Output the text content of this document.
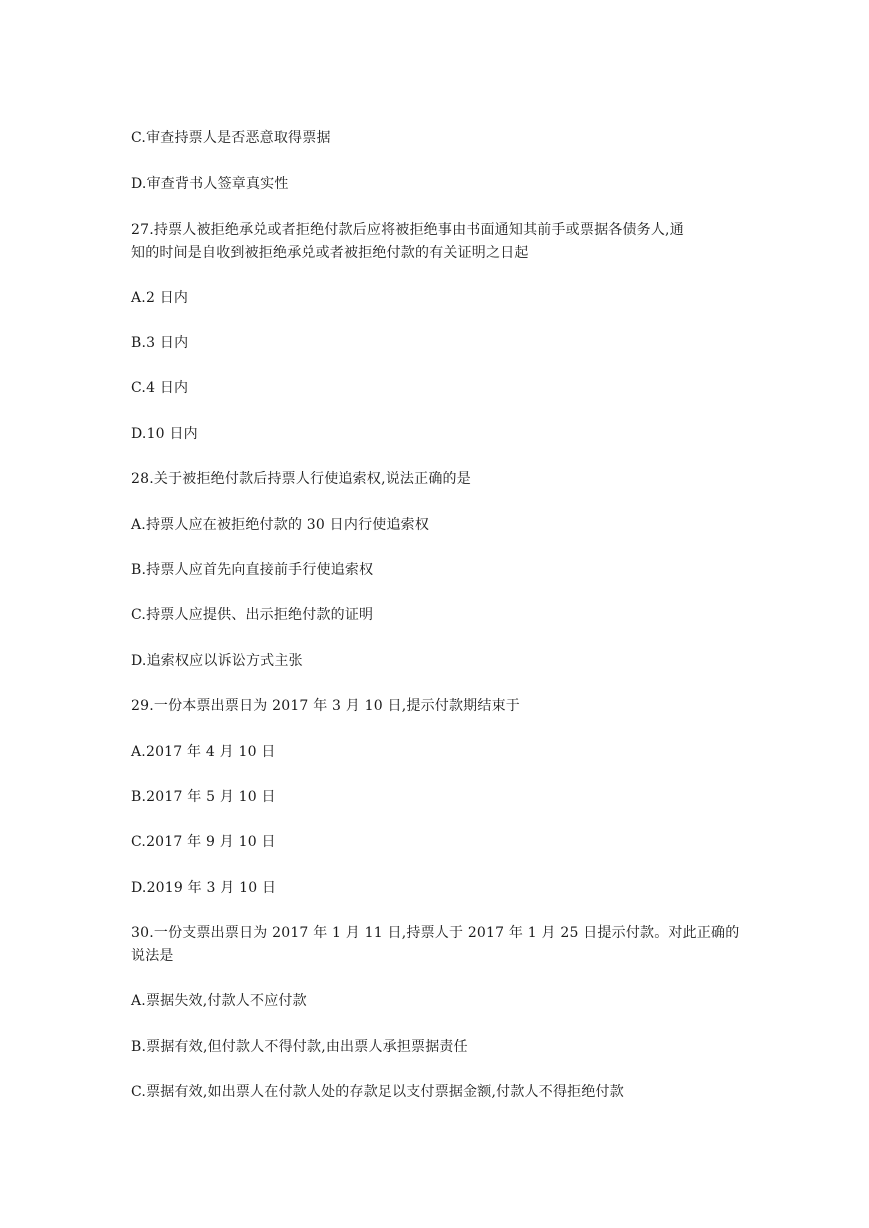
C.审查持票人是否恶意取得票据
D.审查背书人签章真实性
27.持票人被拒绝承兑或者拒绝付款后应将被拒绝事由书面通知其前手或票据各债务人,通
知的时间是自收到被拒绝承兑或者被拒绝付款的有关证明之日起
A.2 日内
B.3 日内
C.4 日内
D.10 日内
28.关于被拒绝付款后持票人行使追索权,说法正确的是
A.持票人应在被拒绝付款的 30 日内行使追索权
B.持票人应首先向直接前手行使追索权
C.持票人应提供、出示拒绝付款的证明
D.追索权应以诉讼方式主张
29.一份本票出票日为 2017 年 3 月 10 日,提示付款期结束于
A.2017 年 4 月 10 日
B.2017 年 5 月 10 日
C.2017 年 9 月 10 日
D.2019 年 3 月 10 日
30.一份支票出票日为 2017 年 1 月 11 日,持票人于 2017 年 1 月 25 日提示付款。对此正确的
说法是
A.票据失效,付款人不应付款
B.票据有效,但付款人不得付款,由出票人承担票据责任
C.票据有效,如出票人在付款人处的存款足以支付票据金额,付款人不得拒绝付款
